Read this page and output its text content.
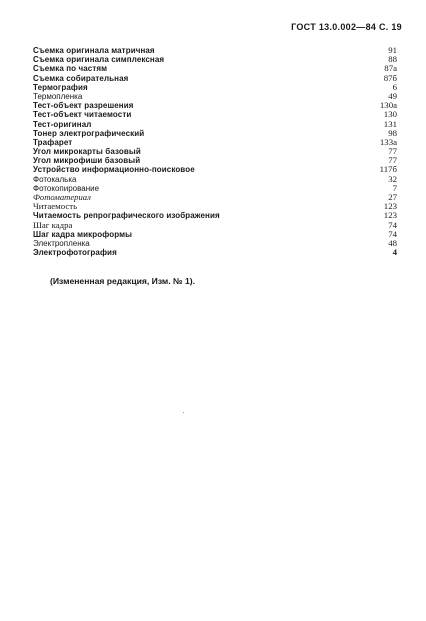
ГОСТ 13.0.002—84 С. 19
Съемка оригинала матричная	91
Съемка оригинала симплексная	88
Съемка по частям	87а
Съемка собирательная	87б
Термография	6
Термопленка	49
Тест-объект разрешения	130а
Тест-объект читаемости	130
Тест-оригинал	131
Тонер электрографический	98
Трафарет	133а
Угол микрокарты базовый	77
Угол микрофиши базовый	77
Устройство информационно-поисковое	117б
Фотокалька	32
Фотокопирование	7
Фотоматериал	27
Читаемость	123
Читаемость репрографического изображения	123
Шаг кадра	74
Шаг кадра микроформы	74
Электропленка	48
Электрофотография	4
(Измененная редакция, Изм. № 1).
